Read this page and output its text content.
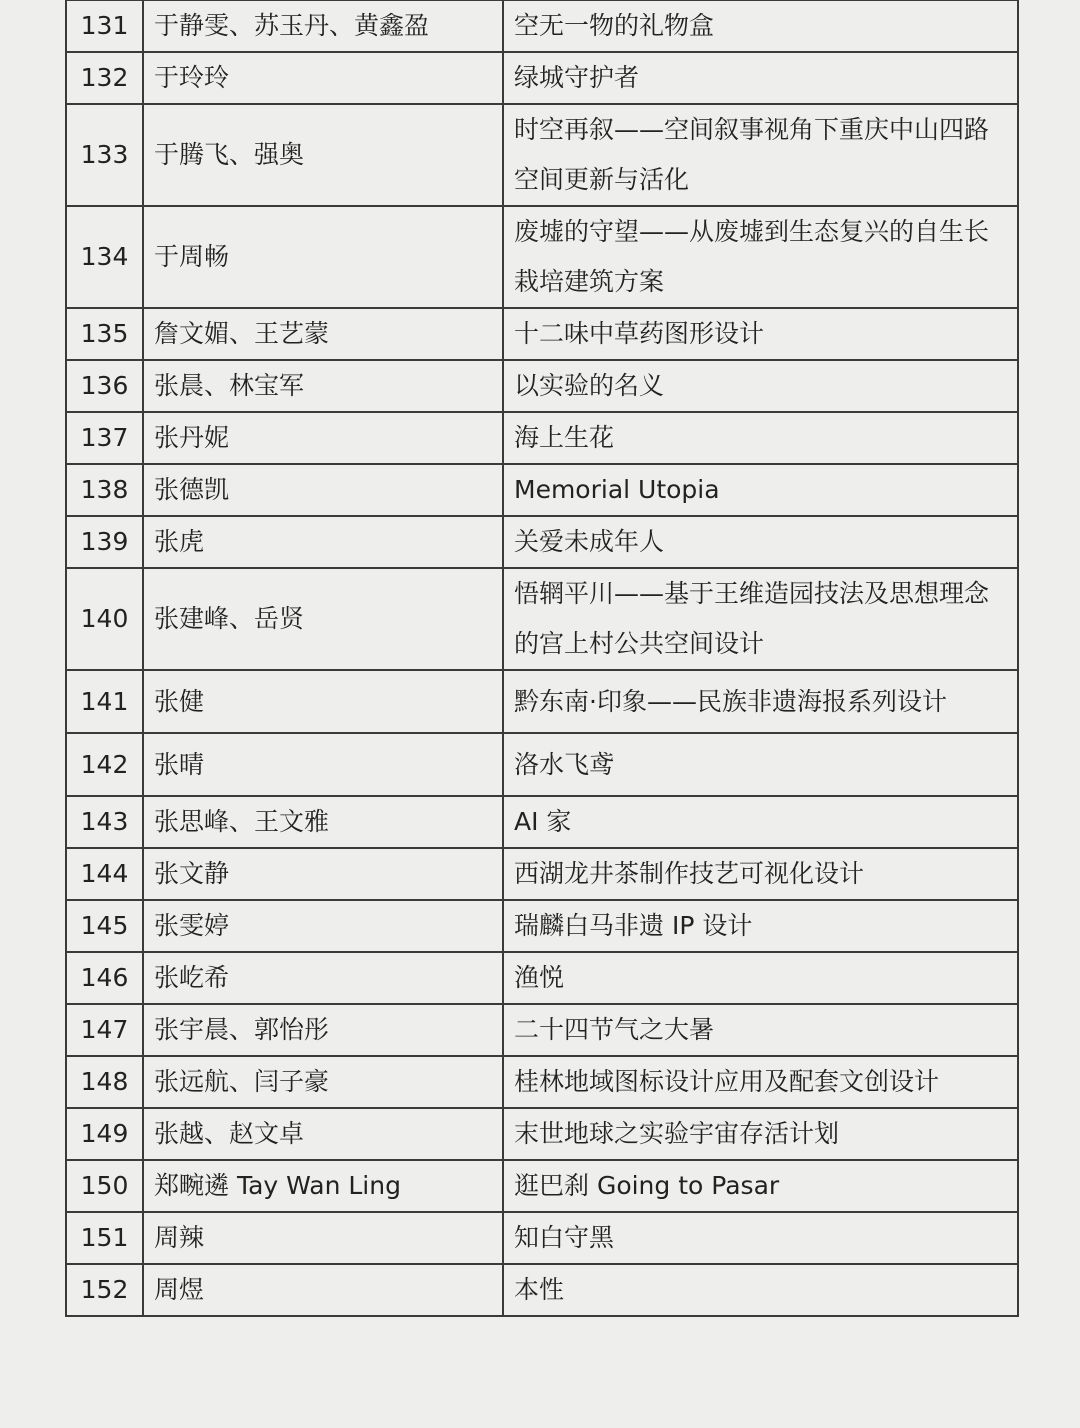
131	于静雯、苏玉丹、黄鑫盈	空无一物的礼物盒
132	于玲玲	绿城守护者
133	于腾飞、强奥	时空再叙——空间叙事视角下重庆中山四路空间更新与活化
134	于周畅	废墟的守望——从废墟到生态复兴的自生长栽培建筑方案
135	詹文媚、王艺蒙	十二味中草药图形设计
136	张晨、林宝军	以实验的名义
137	张丹妮	海上生花
138	张德凯	Memorial Utopia
139	张虎	关爱未成年人
140	张建峰、岳贤	悟辋平川——基于王维造园技法及思想理念的宫上村公共空间设计
141	张健	黔东南·印象——民族非遗海报系列设计
142	张晴	洛水飞鸢
143	张思峰、王文雅	AI 家
144	张文静	西湖龙井茶制作技艺可视化设计
145	张雯婷	瑞麟白马非遗 IP 设计
146	张屹希	渔悦
147	张宇晨、郭怡彤	二十四节气之大暑
148	张远航、闫子豪	桂林地域图标设计应用及配套文创设计
149	张越、赵文卓	末世地球之实验宇宙存活计划
150	郑畹遴 Tay Wan Ling	逛巴刹 Going to Pasar
151	周辣	知白守黑
152	周煜	本性
